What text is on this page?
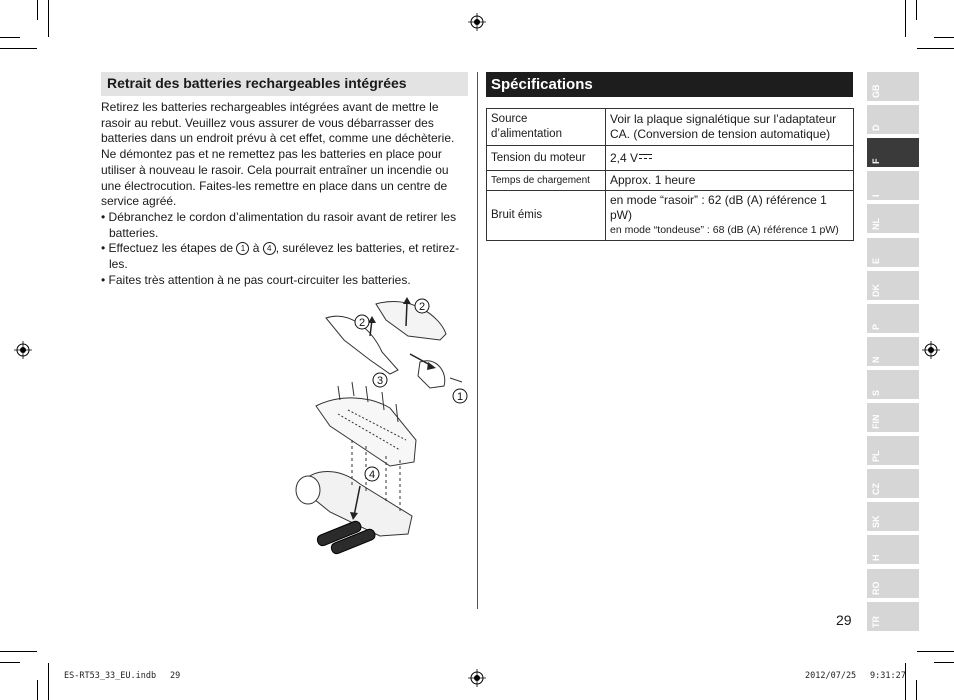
Retrait des batteries rechargeables intégrées

Retirez les batteries rechargeables intégrées avant de mettre le

rasoir au rebut. Veuillez vous assurer de vous débarrasser des

batteries dans un endroit prévu à cet effet, comme une déchèterie.

Ne démontez pas et ne remettez pas les batteries en place pour

utiliser à nouveau le rasoir. Cela pourrait entraîner un incendie ou

une électrocution. Faites-les remettre en place dans un centre de

service agréé.

• Débranchez le cordon d’alimentation du rasoir avant de retirer les batteries.
• Effectuez les étapes de 1 à 4 , surélevez les batteries, et retirez-les.
• Faites très attention à ne pas court-circuiter les batteries.
2
2
3
1
4
Spécifications
Source d’alimentation	Voir la plaque signalétique sur l’adaptateur CA. (Conversion de tension automatique)
Tension du moteur	2,4 V
Temps de chargement	Approx. 1 heure
Bruit émis	en mode “rasoir” : 62 (dB (A) référence 1 pW)
en mode “tondeuse” : 68 (dB (A) référence 1 pW)
GB
D
F
I
NL
E
DK
P
N
S
FIN
PL
CZ
SK
H
RO
TR
29
ES-RT53_33_EU.indb 29	2012/07/25 9:31:27
